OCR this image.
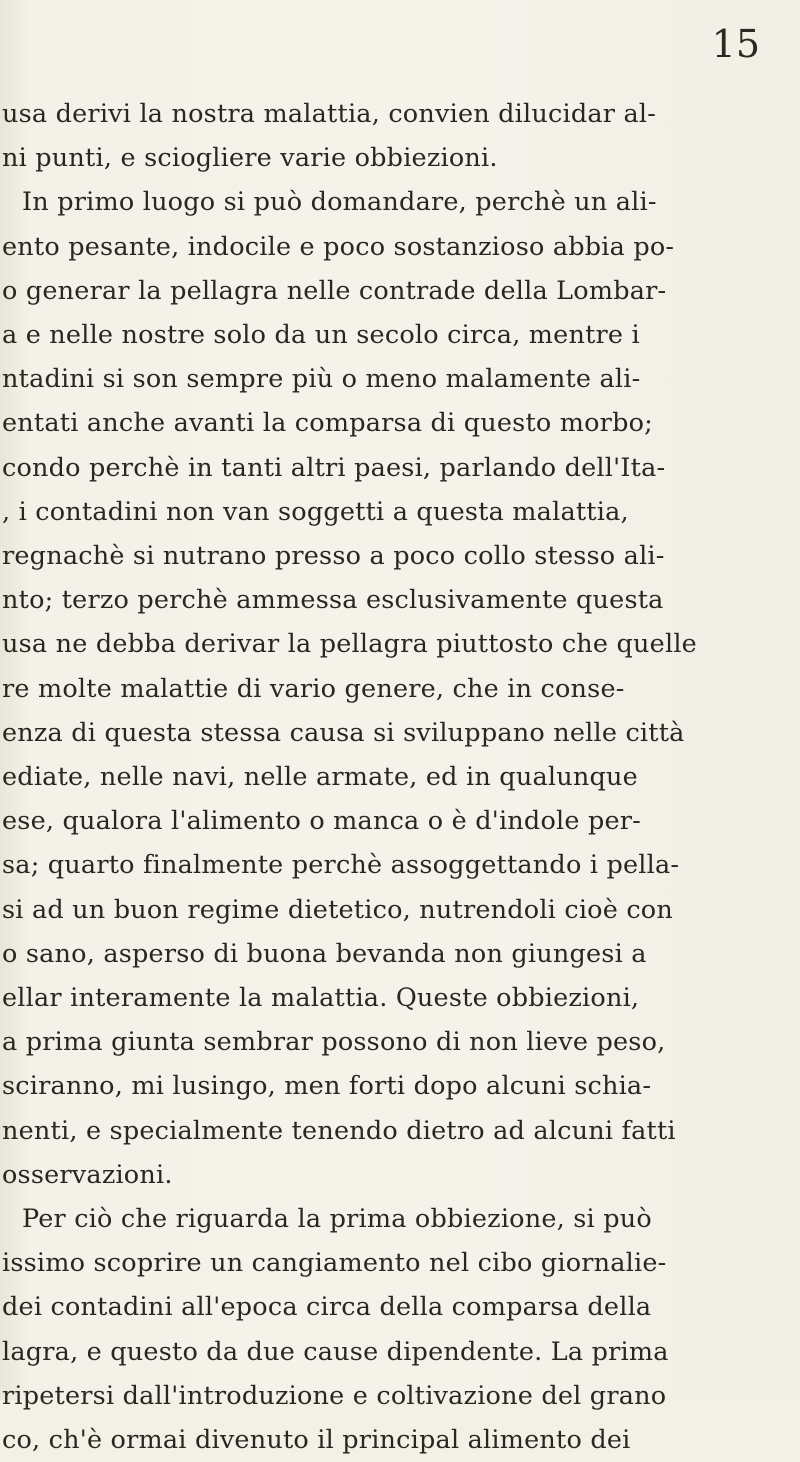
15
usa derivi la nostra malattia, convien dilucidar al-
ni punti, e sciogliere varie obbiezioni.
In primo luogo si può domandare, perchè un ali-
ento pesante, indocile e poco sostanzioso abbia po-
o generar la pellagra nelle contrade della Lombar-
a e nelle nostre solo da un secolo circa, mentre i
ntadini si son sempre più o meno malamente ali-
entati anche avanti la comparsa di questo morbo;
condo perchè in tanti altri paesi, parlando dell'Ita-
, i contadini non van soggetti a questa malattia,
regnachè si nutrano presso a poco collo stesso ali-
nto; terzo perchè ammessa esclusivamente questa
usa ne debba derivar la pellagra piuttosto che quelle
re molte malattie di vario genere, che in conse-
enza di questa stessa causa si sviluppano nelle città
ediate, nelle navi, nelle armate, ed in qualunque
ese, qualora l'alimento o manca o è d'indole per-
sa; quarto finalmente perchè assoggettando i pella-
si ad un buon regime dietetico, nutrendoli cioè con
o sano, asperso di buona bevanda non giungesi a
ellar interamente la malattia. Queste obbiezioni,
a prima giunta sembrar possono di non lieve peso,
sciranno, mi lusingo, men forti dopo alcuni schia-
nenti, e specialmente tenendo dietro ad alcuni fatti
osservazioni.
Per ciò che riguarda la prima obbiezione, si può
issimo scoprire un cangiamento nel cibo giornalie-
dei contadini all'epoca circa della comparsa della
lagra, e questo da due cause dipendente. La prima
ripetersi dall'introduzione e coltivazione del grano
co, ch'è ormai divenuto il principal alimento dei
